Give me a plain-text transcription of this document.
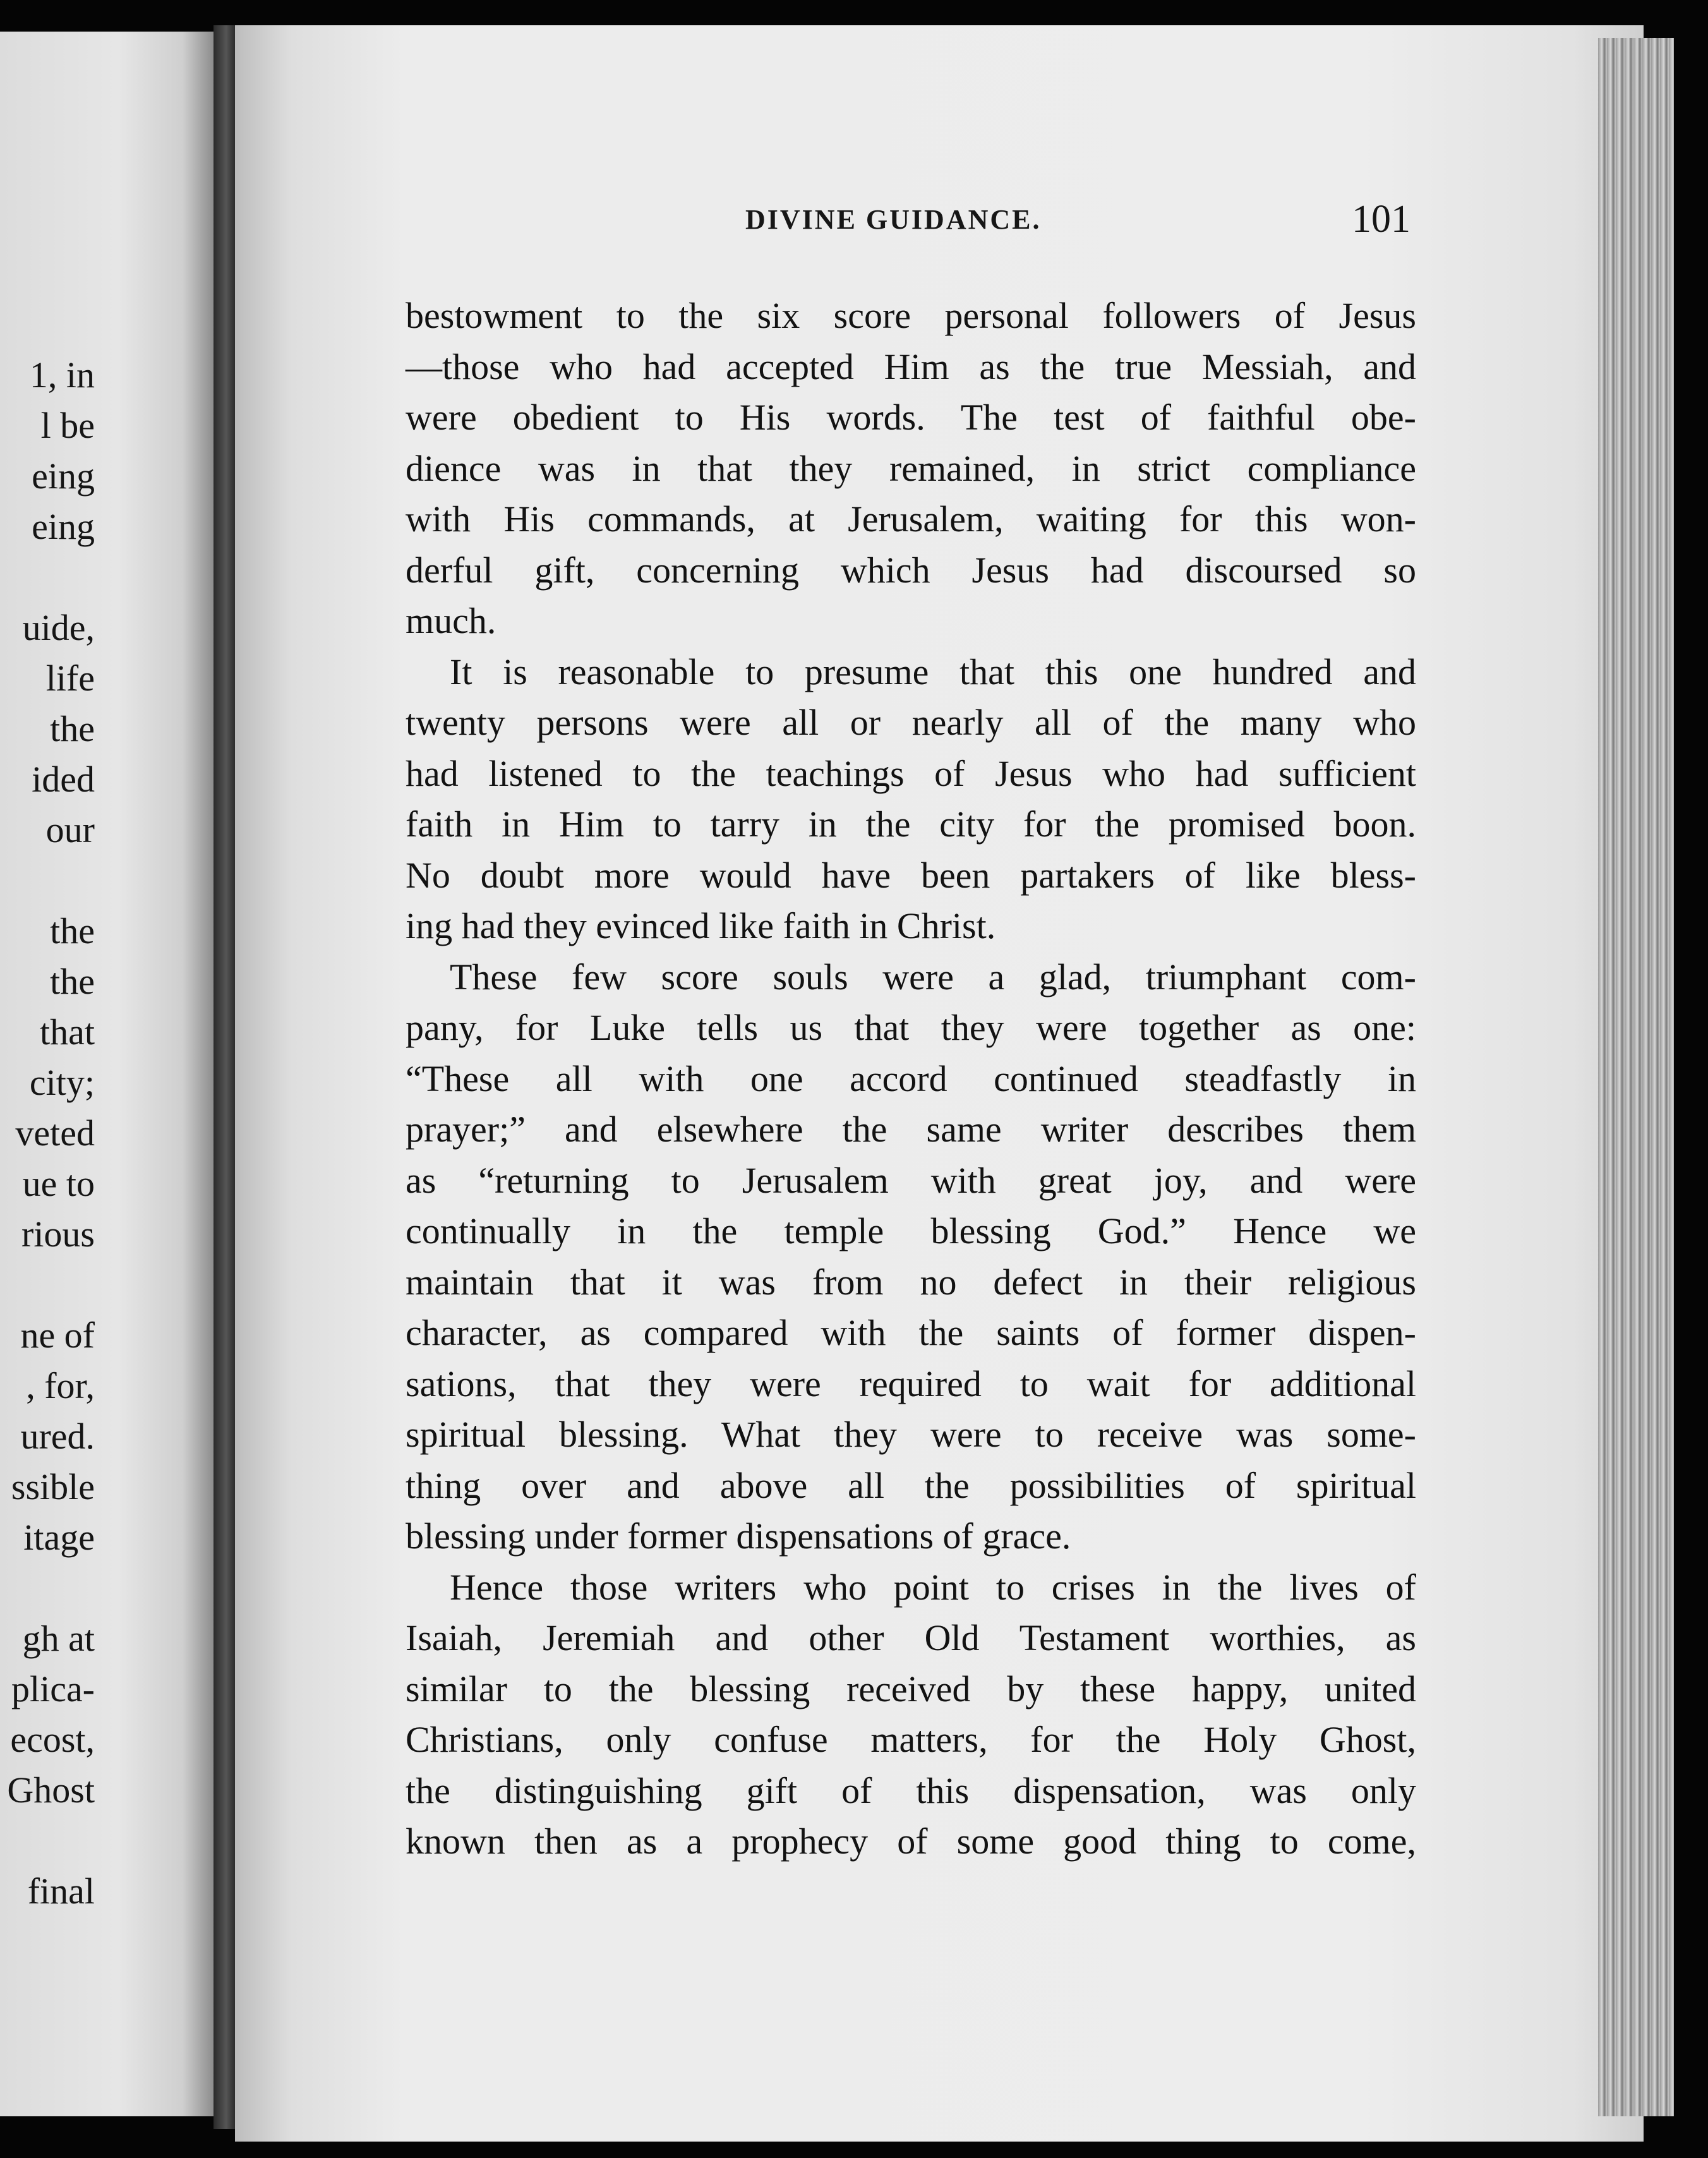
1, in
l be
eing
eing
uide,
life
the
ided
our
the
the
that
city;
veted
ue to
rious
ne of
, for,
ured.
ssible
itage
gh at
plica-
ecost,
Ghost
final
DIVINE GUIDANCE.	101
bestowment to the six score personal followers of Jesus
—those who had accepted Him as the true Messiah, and
were obedient to His words. The test of faithful obe-
dience was in that they remained, in strict compliance
with His commands, at Jerusalem, waiting for this won-
derful gift, concerning which Jesus had discoursed so
much.
It is reasonable to presume that this one hundred and
twenty persons were all or nearly all of the many who
had listened to the teachings of Jesus who had sufficient
faith in Him to tarry in the city for the promised boon.
No doubt more would have been partakers of like bless-
ing had they evinced like faith in Christ.
These few score souls were a glad, triumphant com-
pany, for Luke tells us that they were together as one:
“These all with one accord continued steadfastly in
prayer;” and elsewhere the same writer describes them
as “returning to Jerusalem with great joy, and were
continually in the temple blessing God.” Hence we
maintain that it was from no defect in their religious
character, as compared with the saints of former dispen-
sations, that they were required to wait for additional
spiritual blessing. What they were to receive was some-
thing over and above all the possibilities of spiritual
blessing under former dispensations of grace.
Hence those writers who point to crises in the lives of
Isaiah, Jeremiah and other Old Testament worthies, as
similar to the blessing received by these happy, united
Christians, only confuse matters, for the Holy Ghost,
the distinguishing gift of this dispensation, was only
known then as a prophecy of some good thing to come,
